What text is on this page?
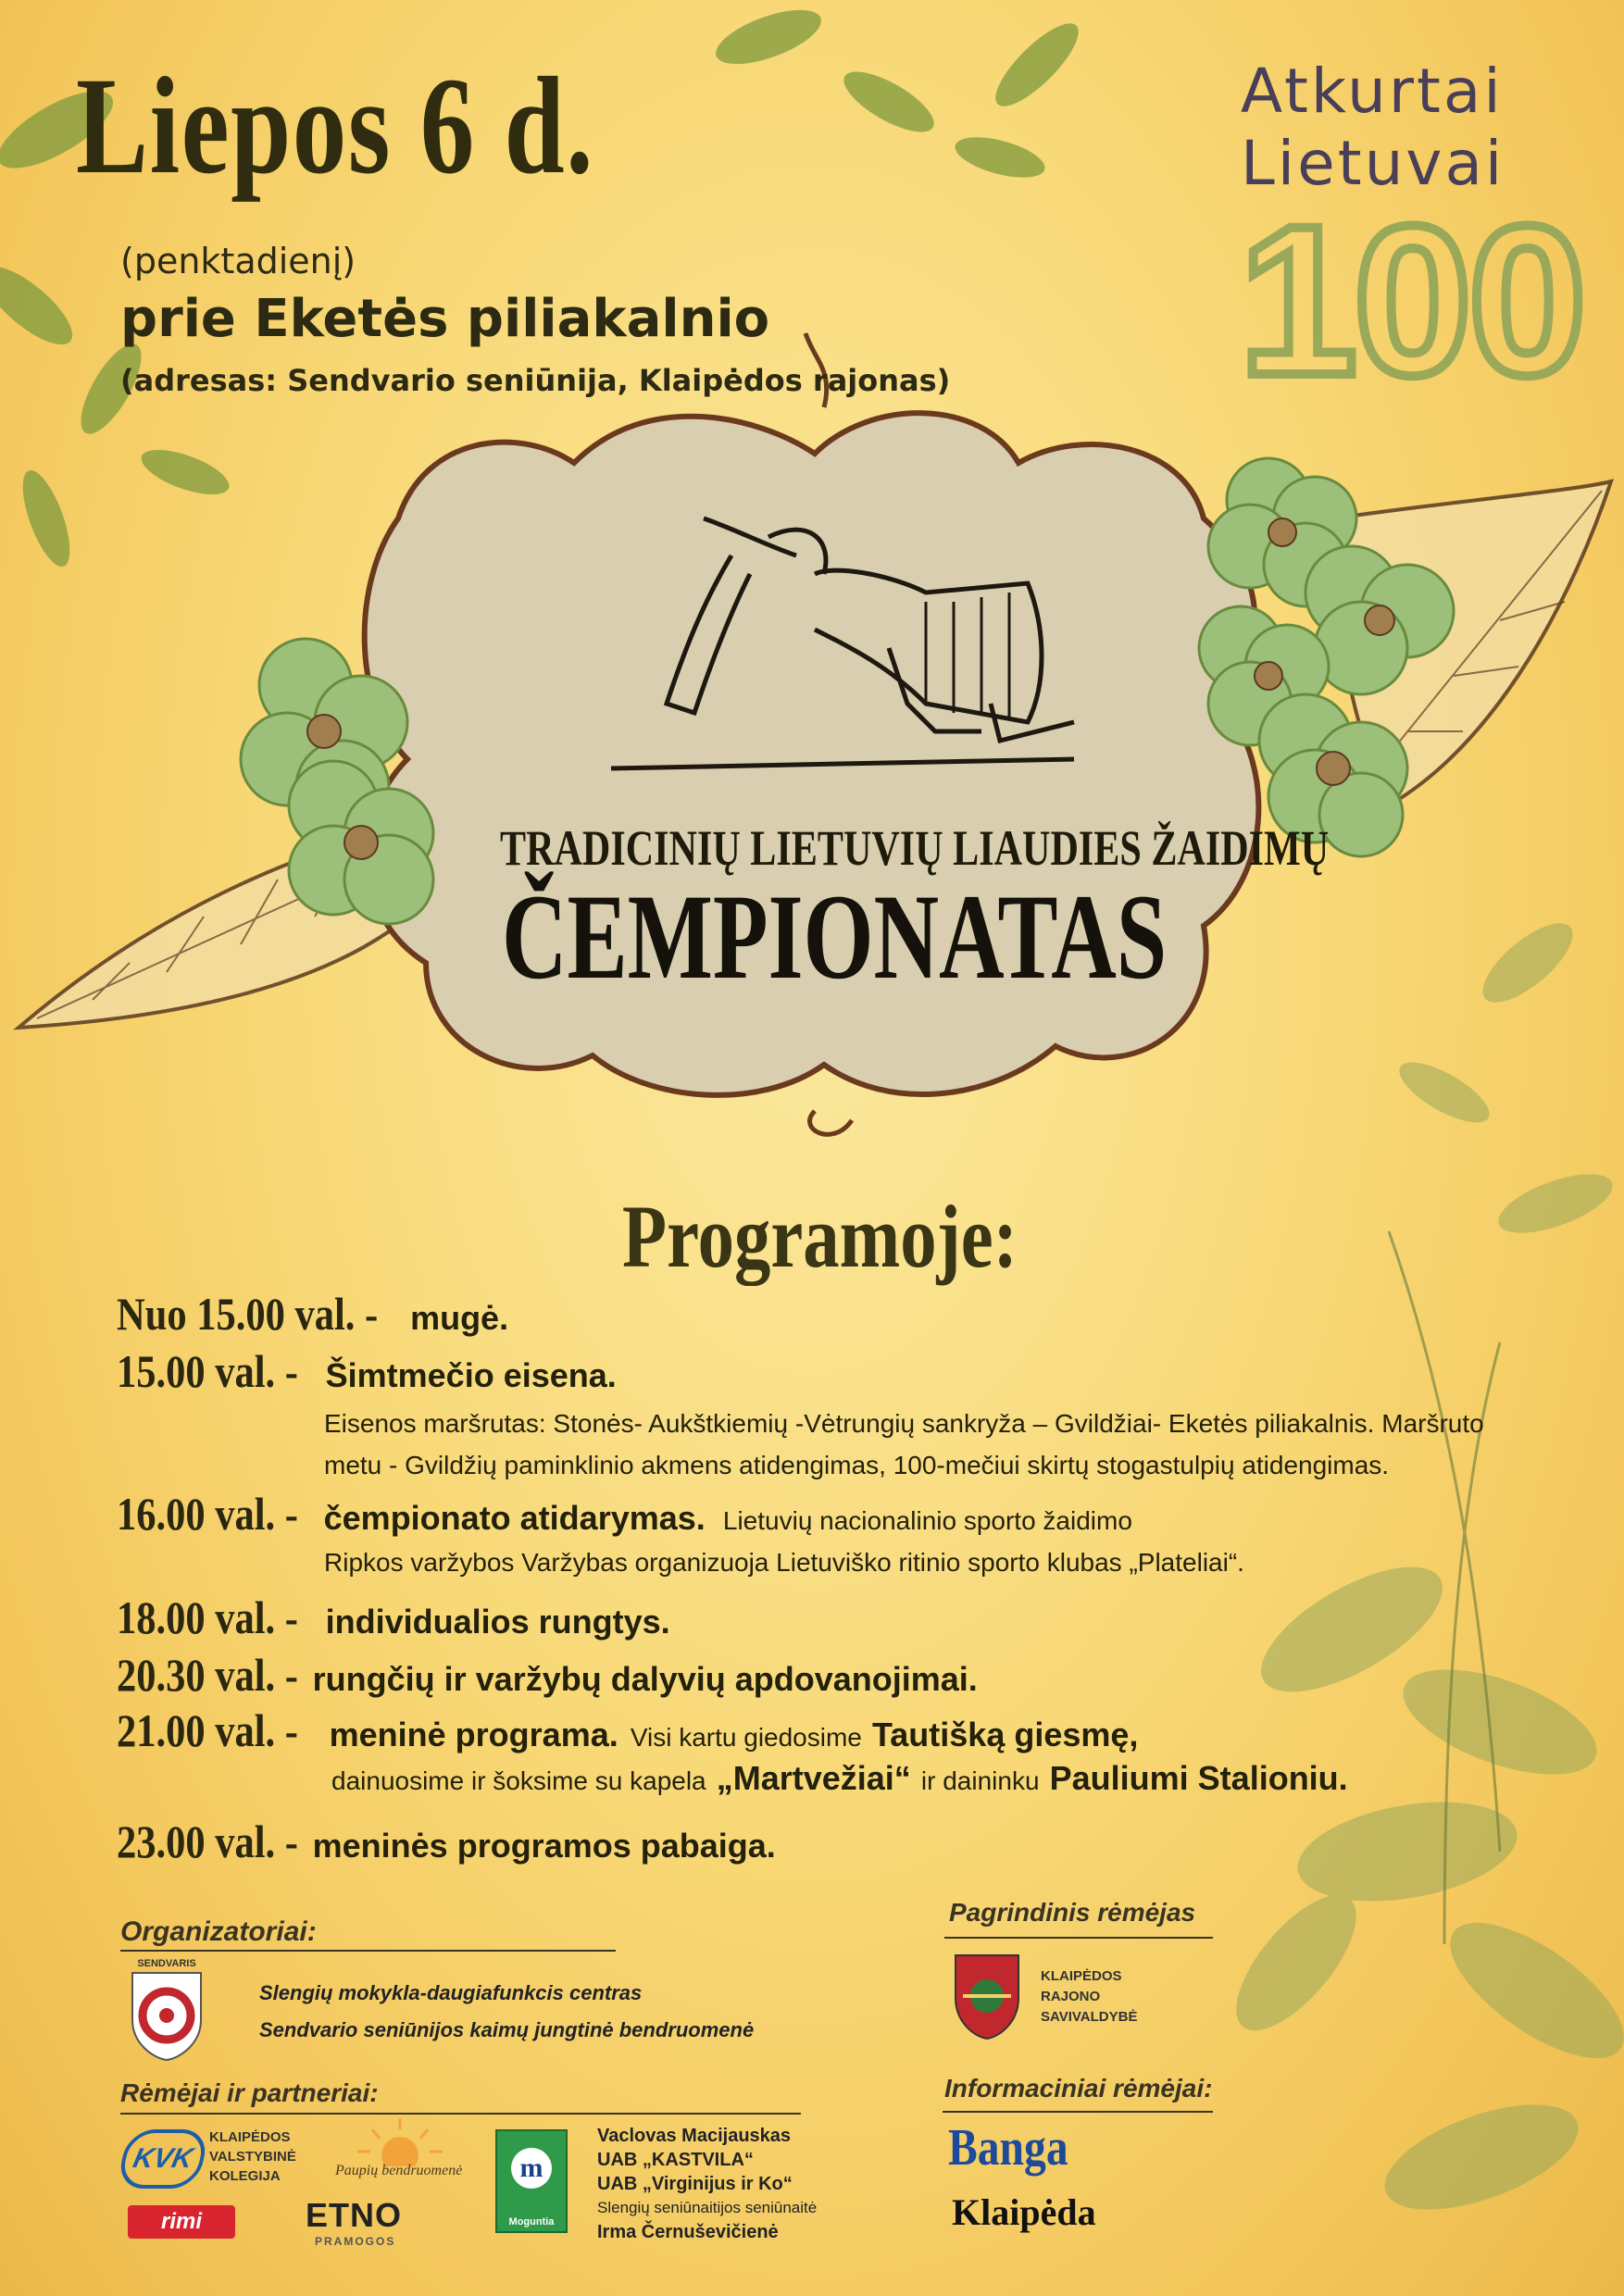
Liepos 6 d.
(penktadienį)
prie Eketės piliakalnio
(adresas: Sendvario seniūnija, Klaipėdos rajonas)
Atkurtai
Lietuvai
100
TRADICINIŲ LIETUVIŲ LIAUDIES ŽAIDIMŲ
ČEMPIONATAS
Programoje:
Nuo 15.00 val. - mugė.
15.00 val. - Šimtmečio eisena.
Eisenos maršrutas: Stonės- Aukštkiemių -Vėtrungių sankryža – Gvildžiai- Eketės piliakalnis. Maršruto
metu - Gvildžių paminklinio akmens atidengimas, 100-mečiui skirtų stogastulpių atidengimas.
16.00 val. - čempionato atidarymas. Lietuvių nacionalinio sporto žaidimo
Ripkos varžybos Varžybas organizuoja Lietuviško ritinio sporto klubas „Plateliai“.
18.00 val. - individualios rungtys.
20.30 val. - rungčių ir varžybų dalyvių apdovanojimai.
21.00 val. - meninė programa. Visi kartu giedosime Tautišką giesmę,
dainuosime ir šoksime su kapela „Martvežiai“ ir daininku Pauliumi Stalioniu.
23.00 val. - meninės programos pabaiga.
Organizatoriai:
SENDVARIS
Slengių mokykla-daugiafunkcis centras
Sendvario seniūnijos kaimų jungtinė bendruomenė
Pagrindinis rėmėjas
KLAIPĖDOS
RAJONO
SAVIVALDYBĖ
Rėmėjai ir partneriai:
KVK
KLAIPĖDOS
VALSTYBINĖ
KOLEGIJA	Paupių bendruomenė
rimi	ETNO
PRAMOGOS
m
Moguntia
Vaclovas Macijauskas
UAB „KASTVILA“
UAB „Virginijus ir Ko“
Slengių seniūnaitijos seniūnaitė
Irma Černuševičienė
Informaciniai rėmėjai:
Banga
Klaipėda
